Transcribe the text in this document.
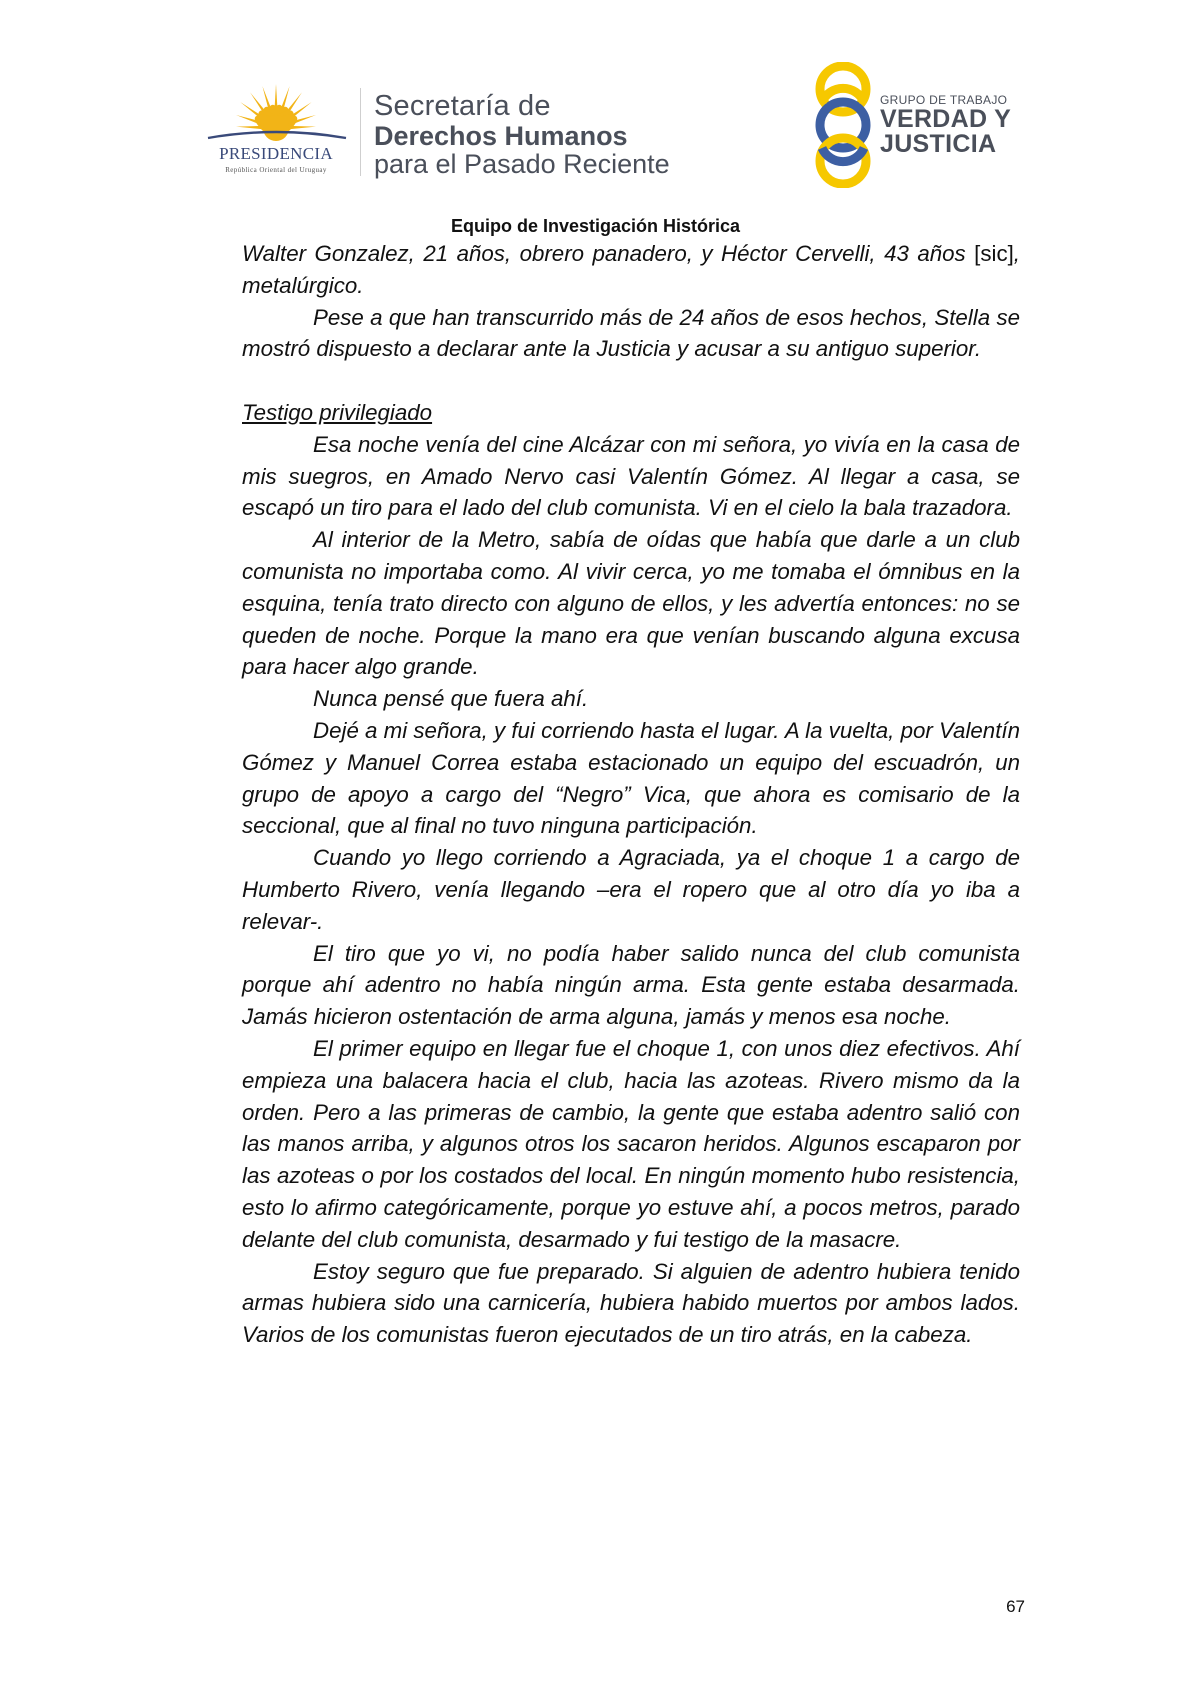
PRESIDENCIA
República Oriental del Uruguay
Secretaría de
Derechos Humanos
para el Pasado Reciente
GRUPO DE TRABAJO
VERDAD Y
JUSTICIA
Equipo de Investigación Histórica

Walter Gonzalez, 21 años, obrero panadero, y Héctor Cervelli, 43 años [sic], metalúrgico.

Pese a que han transcurrido más de 24 años de esos hechos, Stella se mostró dispuesto a declarar ante la Justicia y acusar a su antiguo superior.

Testigo privilegiado

Esa noche venía del cine Alcázar con mi señora, yo vivía en la casa de mis suegros, en Amado Nervo casi Valentín Gómez. Al llegar a casa, se escapó un tiro para el lado del club comunista. Vi en el cielo la bala trazadora.

Al interior de la Metro, sabía de oídas que había que darle a un club comunista no importaba como. Al vivir cerca, yo me tomaba el ómnibus en la esquina, tenía trato directo con alguno de ellos, y les advertía entonces: no se queden de noche. Porque la mano era que venían buscando alguna excusa para hacer algo grande.

Nunca pensé que fuera ahí.

Dejé a mi señora, y fui corriendo hasta el lugar. A la vuelta, por Valentín Gómez y Manuel Correa estaba estacionado un equipo del escuadrón, un grupo de apoyo a cargo del “Negro” Vica, que ahora es comisario de la seccional, que al final no tuvo ninguna participación.

Cuando yo llego corriendo a Agraciada, ya el choque 1 a cargo de Humberto Rivero, venía llegando –era el ropero que al otro día yo iba a relevar-.

El tiro que yo vi, no podía haber salido nunca del club comunista porque ahí adentro no había ningún arma. Esta gente estaba desarmada. Jamás hicieron ostentación de arma alguna, jamás y menos esa noche.

El primer equipo en llegar fue el choque 1, con unos diez efectivos. Ahí empieza una balacera hacia el club, hacia las azoteas. Rivero mismo da la orden. Pero a las primeras de cambio, la gente que estaba adentro salió con las manos arriba, y algunos otros los sacaron heridos. Algunos escaparon por las azoteas o por los costados del local. En ningún momento hubo resistencia, esto lo afirmo categóricamente, porque yo estuve ahí, a pocos metros, parado delante del club comunista, desarmado y fui testigo de la masacre.

Estoy seguro que fue preparado. Si alguien de adentro hubiera tenido armas hubiera sido una carnicería, hubiera habido muertos por ambos lados. Varios de los comunistas fueron ejecutados de un tiro atrás, en la cabeza.

67
